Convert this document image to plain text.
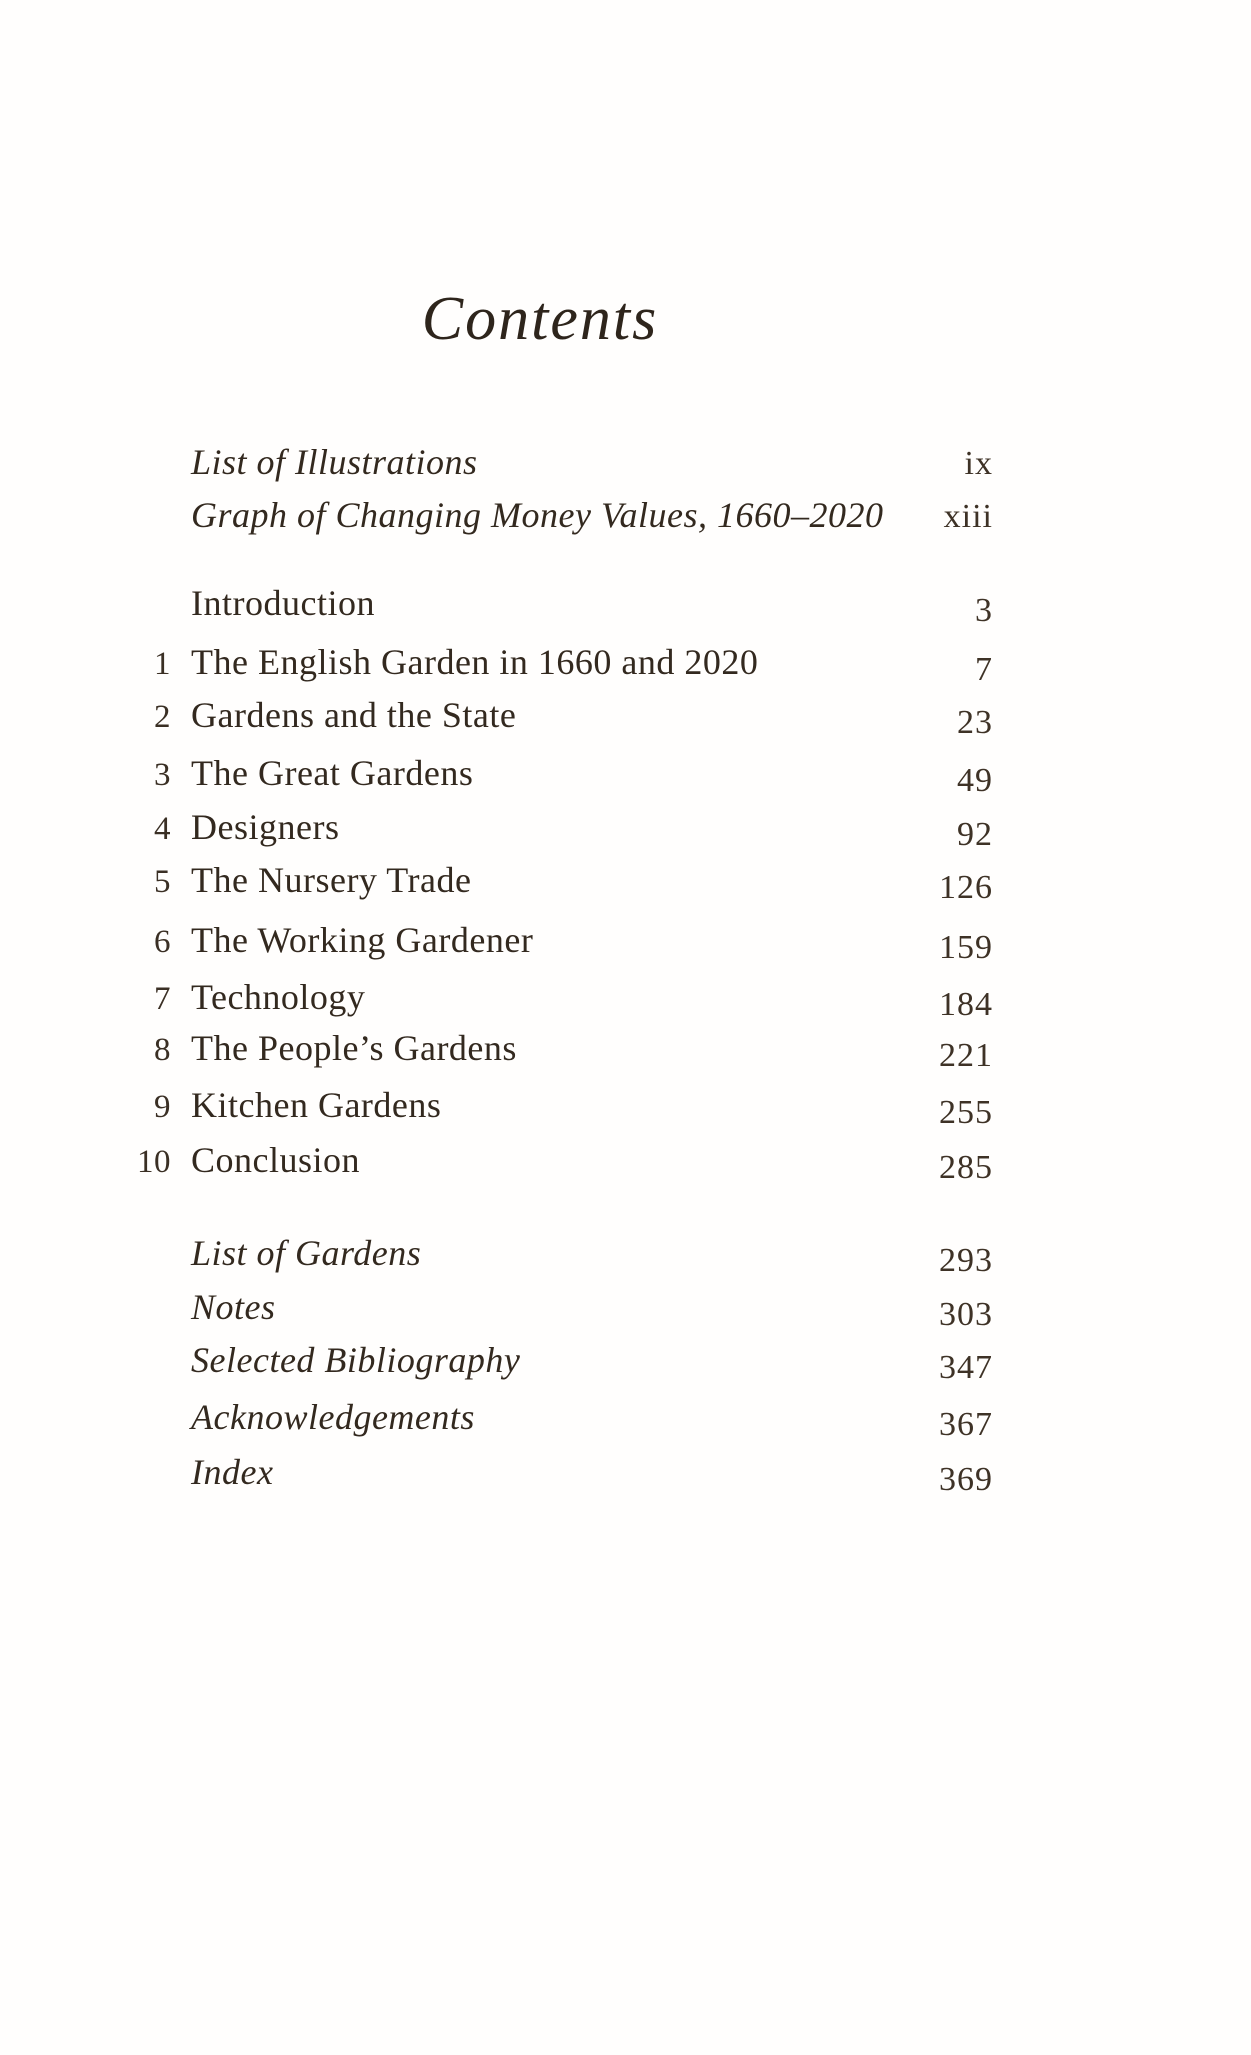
Contents
List of Illustrations	ix
Graph of Changing Money Values, 1660–2020	xiii
Introduction	3
1 The English Garden in 1660 and 2020	7
2 Gardens and the State	23
3 The Great Gardens	49
4 Designers	92
5 The Nursery Trade	126
6 The Working Gardener	159
7 Technology	184
8 The People’s Gardens	221
9 Kitchen Gardens	255
10 Conclusion	285
List of Gardens	293
Notes	303
Selected Bibliography	347
Acknowledgements	367
Index	369
